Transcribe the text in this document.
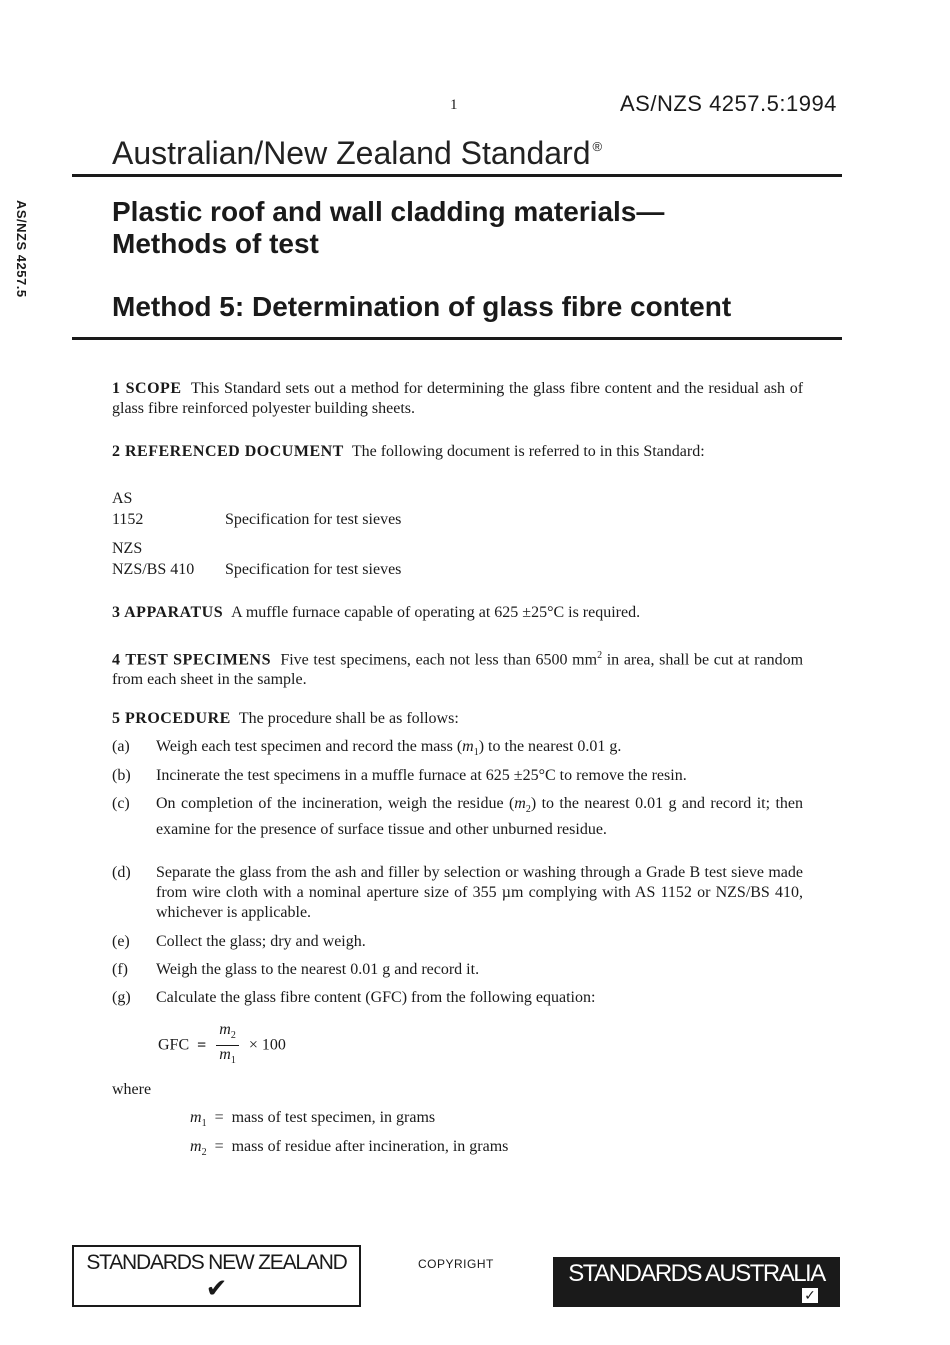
1	AS/NZS 4257.5:1994
Australian/New Zealand Standard ®
AS/NZS 4257.5	Plastic roof and wall cladding materials—
Methods of test
Method 5: Determination of glass fibre content
1 SCOPE This Standard sets out a method for determining the glass fibre content and the residual ash of glass fibre reinforced polyester building sheets.
2 REFERENCED DOCUMENT The following document is referred to in this Standard:
AS
1152	Specification for test sieves
NZS
NZS/BS 410 Specification for test sieves
3 APPARATUS A muffle furnace capable of operating at 625 ±25°C is required.
4 TEST SPECIMENS Five test specimens, each not less than 6500 $mm^2$ in area, shall be cut at random from each sheet in the sample.
5 PROCEDURE The procedure shall be as follows:
(a)	Weigh each test specimen and record the mass $(m_1)$ to the nearest 0.01 g.
(b)	Incinerate the test specimens in a muffle furnace at 625 ±25°C to remove the resin.
(c)	On completion of the incineration, weigh the residue $(m_2)$ to the nearest 0.01 g and record it; then examine for the presence of surface tissue and other unburned residue.
(d)	Separate the glass from the ash and filler by selection or washing through a Grade B test sieve made from wire cloth with a nominal aperture size of 355 µm complying with AS 1152 or NZS/BS 410, whichever is applicable.
(e)	Collect the glass; dry and weigh.
(f)	Weigh the glass to the nearest 0.01 g and record it.
(g)	Calculate the glass fibre content (GFC) from the following equation:
GFC = $\frac{m_2}{m_1} \times 100$
where
$m_1$ = mass of test specimen, in grams
$m_2$ = mass of residue after incineration, in grams
STANDARDS NEW ZEALAND
✔
COPYRIGHT	STANDARDS AUSTRALIA
✓
